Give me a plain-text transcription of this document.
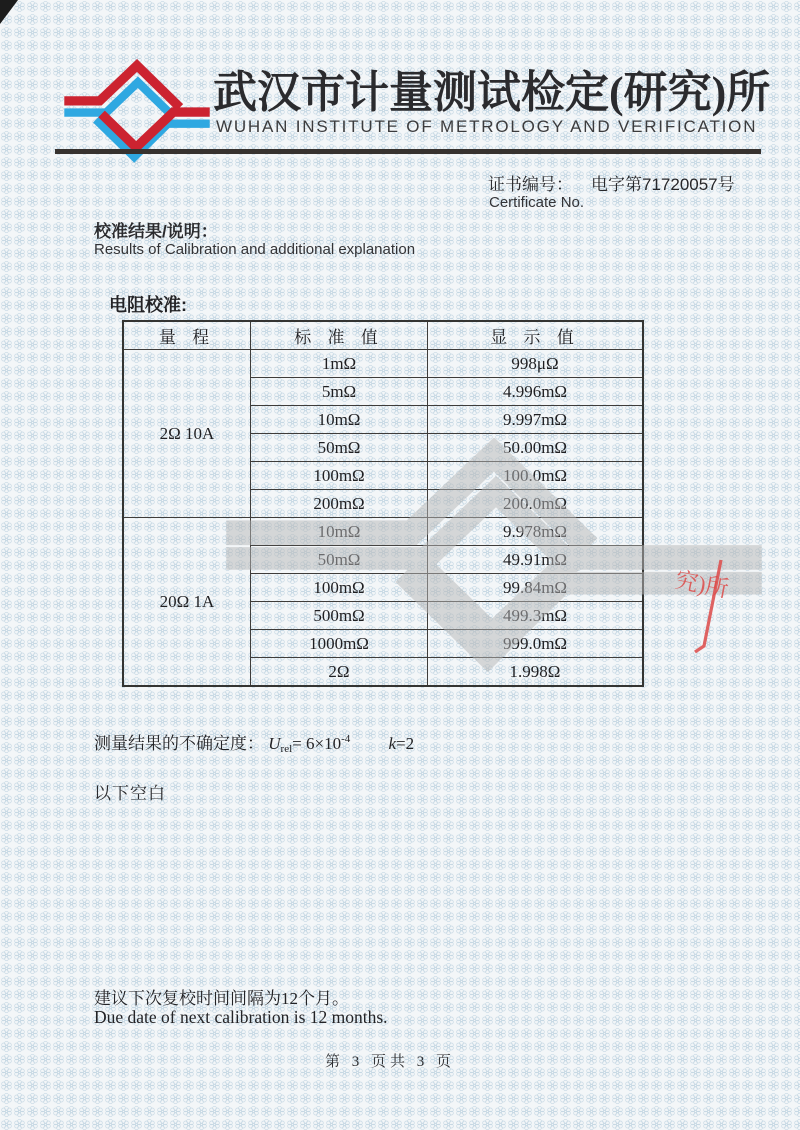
武汉市计量测试检定(研究)所
WUHAN INSTITUTE OF METROLOGY AND VERIFICATION
证书编号： 电字第71720057号
Certificate No.
校准结果/说明：
Results of Calibration and additional explanation
电阻校准:
量 程	标 准 值	显 示 值
2Ω 10A	1mΩ	998μΩ
	5mΩ	4.996mΩ
	10mΩ	9.997mΩ
	50mΩ	50.00mΩ
	100mΩ	100.0mΩ
	200mΩ	200.0mΩ
20Ω 1A	10mΩ	9.978mΩ
	50mΩ	49.91mΩ
	100mΩ	99.84mΩ
	500mΩ	499.3mΩ
	1000mΩ	999.0mΩ
	2Ω	1.998Ω
究)所
测量结果的不确定度： $U_{rel}= 6\times 10^{-4}$ k=2
以下空白
建议下次复校时间间隔为12个月。
Due date of next calibration is 12 months.
第 3 页共 3 页
